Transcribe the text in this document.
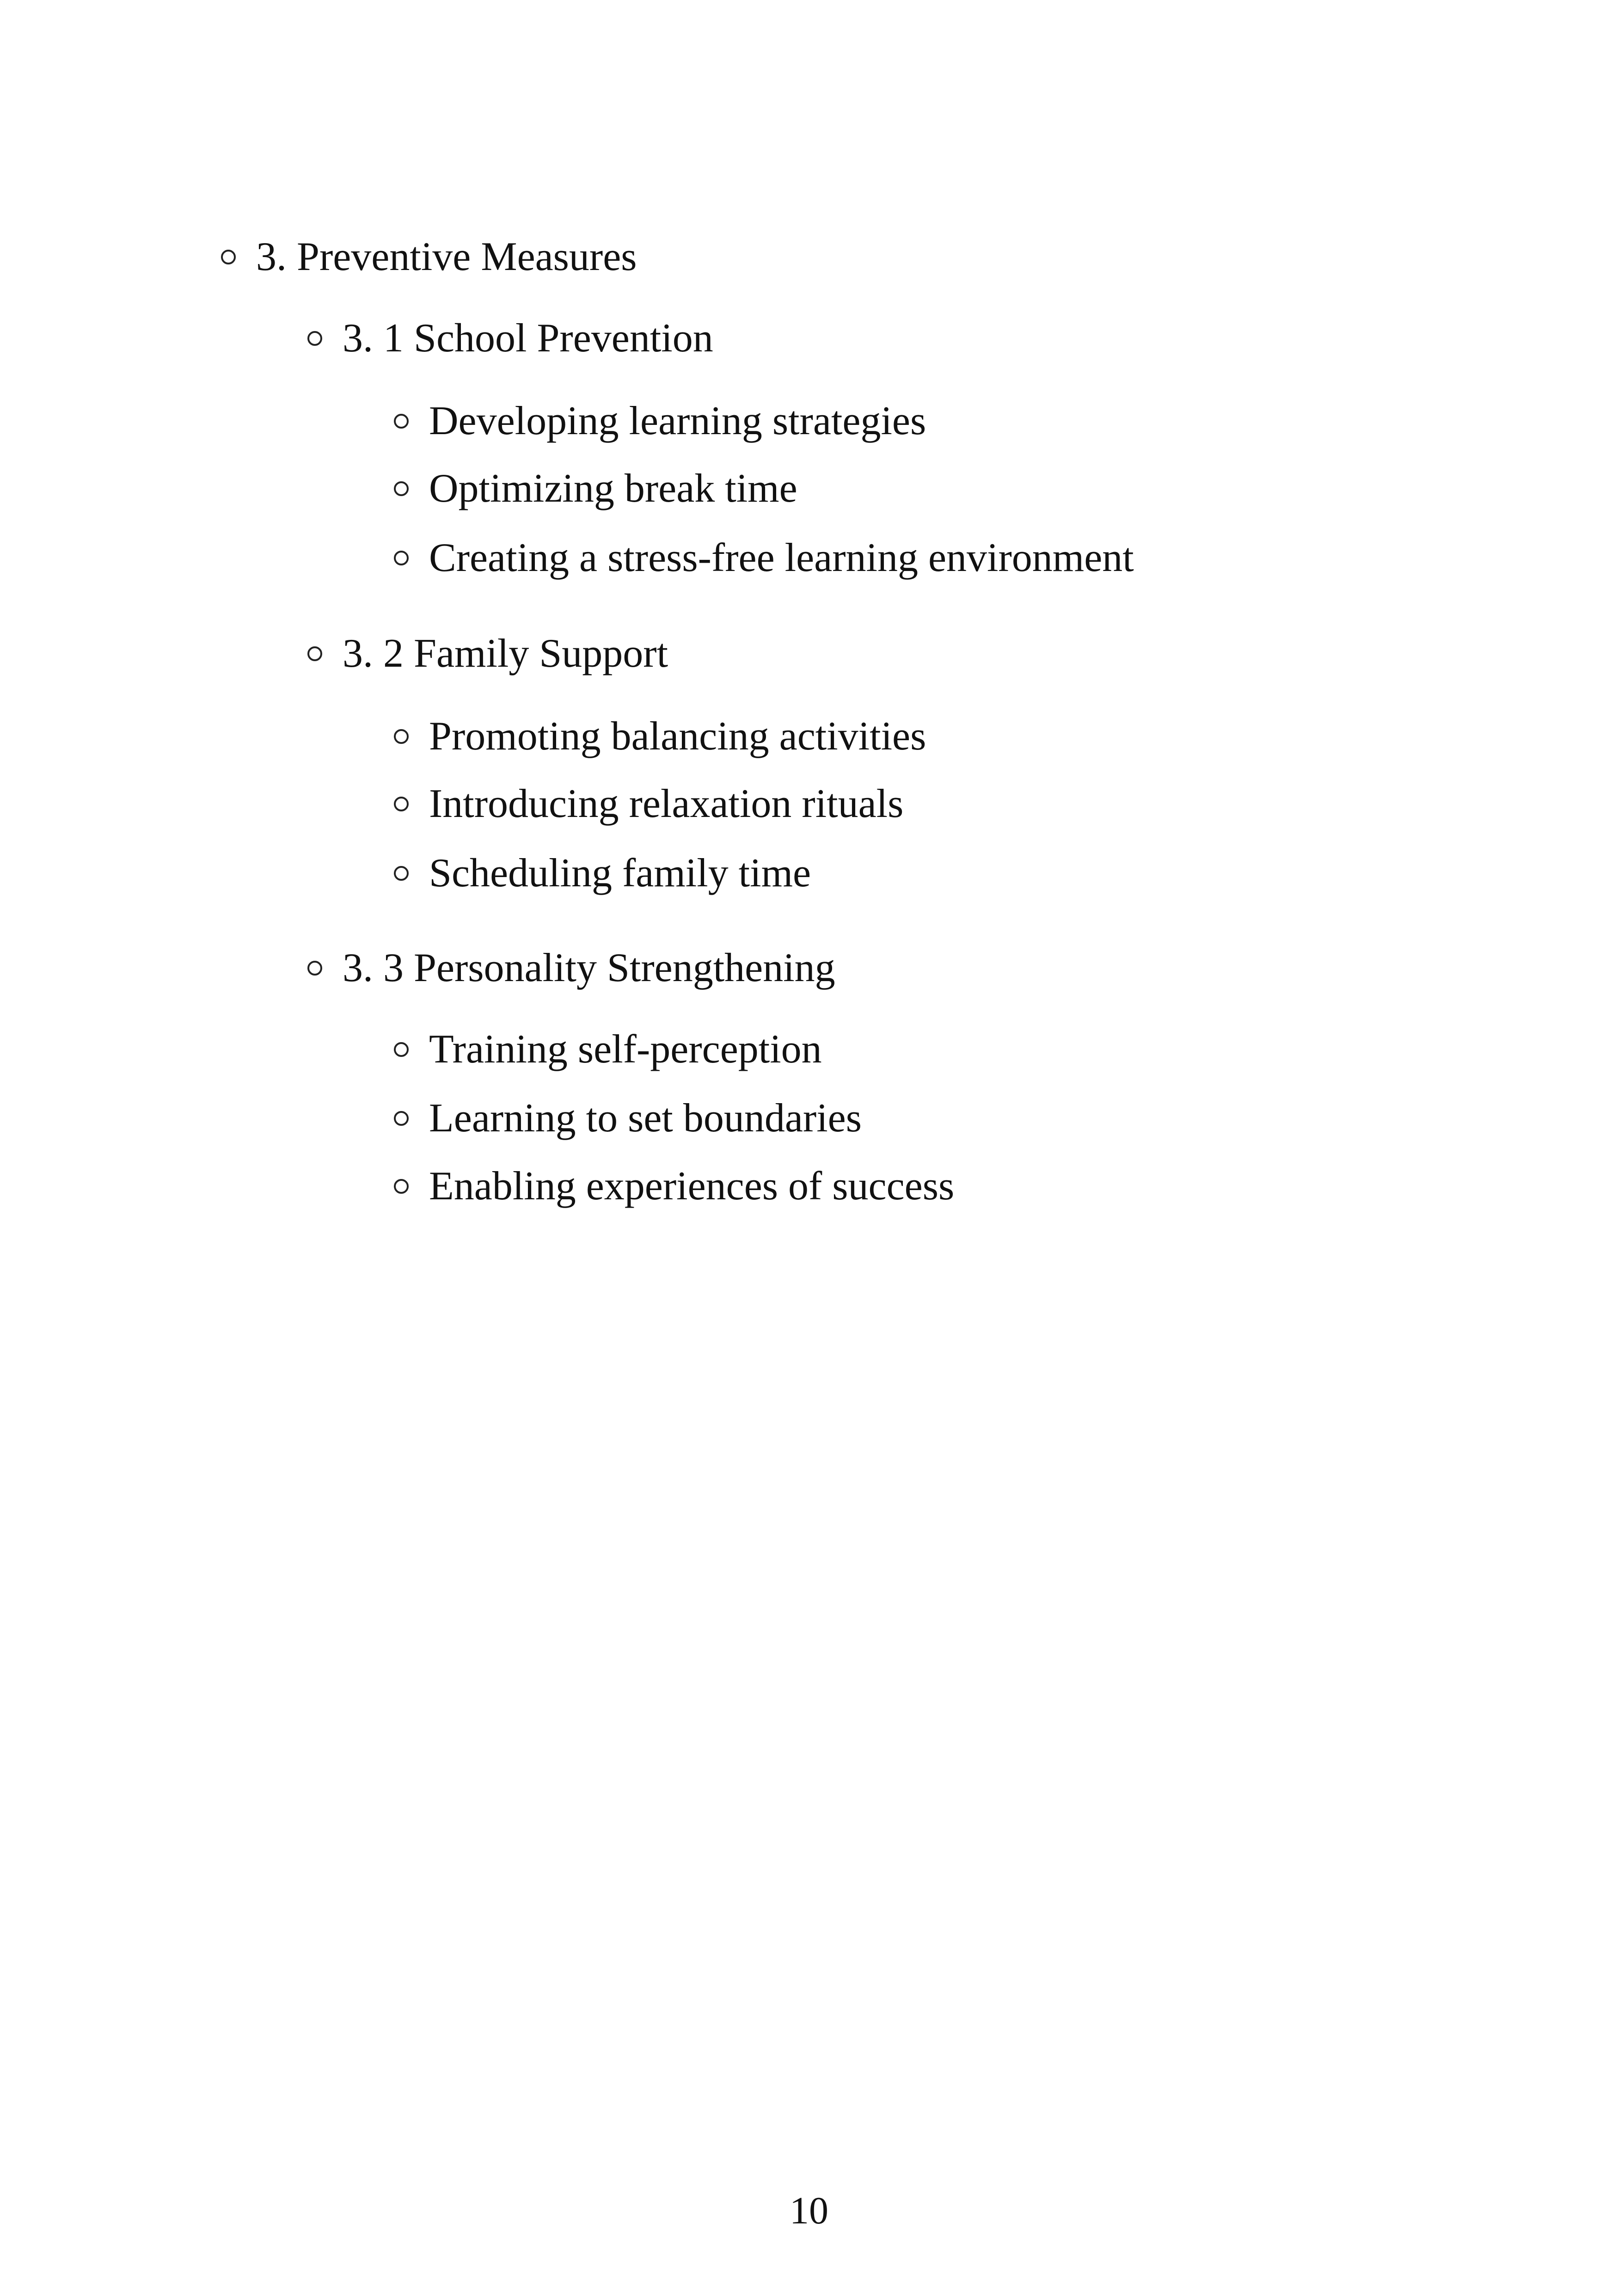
3. Preventive Measures
3. 1 School Prevention
Developing learning strategies
Optimizing break time
Creating a stress-free learning environment
3. 2 Family Support
Promoting balancing activities
Introducing relaxation rituals
Scheduling family time
3. 3 Personality Strengthening
Training self-perception
Learning to set boundaries
Enabling experiences of success
10
